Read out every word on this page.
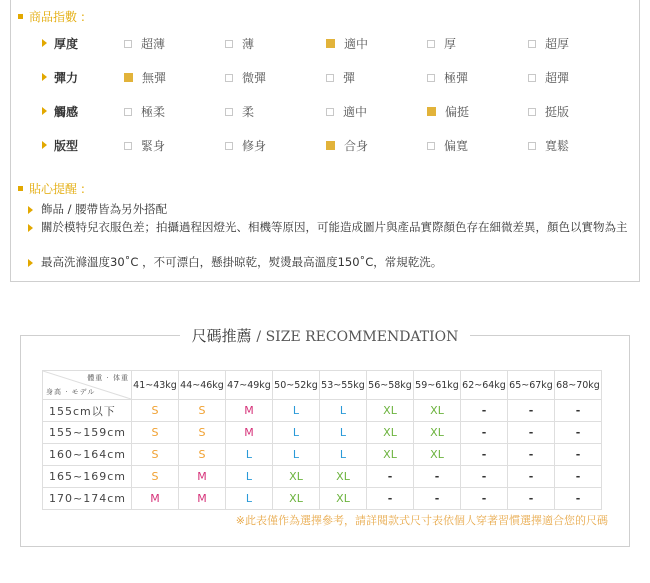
商品指數 :
厚度	超薄	薄	適中	厚	超厚
彈力	無彈	微彈	彈	極彈	超彈
觸感	極柔	柔	適中	偏挺	挺版
版型	緊身	修身	合身	偏寬	寬鬆
貼心提醒 :
飾品 / 腰帶皆為另外搭配
關於模特兒衣服色差；拍攝過程因燈光、相機等原因，可能造成圖片與產品實際顏色存在細微差異，顏色以實物為主
最高洗滌溫度30˚C ，不可漂白，懸掛晾乾，熨燙最高溫度150˚C，常規乾洗。
尺碼推薦 / SIZE RECOMMENDATION
體重 · 体重
身高 · モデル	41~43kg	44~46kg	47~49kg	50~52kg	53~55kg	56~58kg	59~61kg	62~64kg	65~67kg	68~70kg
155cm以下	S	S	M	L	L	XL	XL	-	-	-
155~159cm	S	S	M	L	L	XL	XL	-	-	-
160~164cm	S	S	L	L	L	XL	XL	-	-	-
165~169cm	S	M	L	XL	XL	-	-	-	-	-
170~174cm	M	M	L	XL	XL	-	-	-	-	-
※此表僅作為選擇參考，請詳閱款式尺寸表依個人穿著習慣選擇適合您的尺碼
